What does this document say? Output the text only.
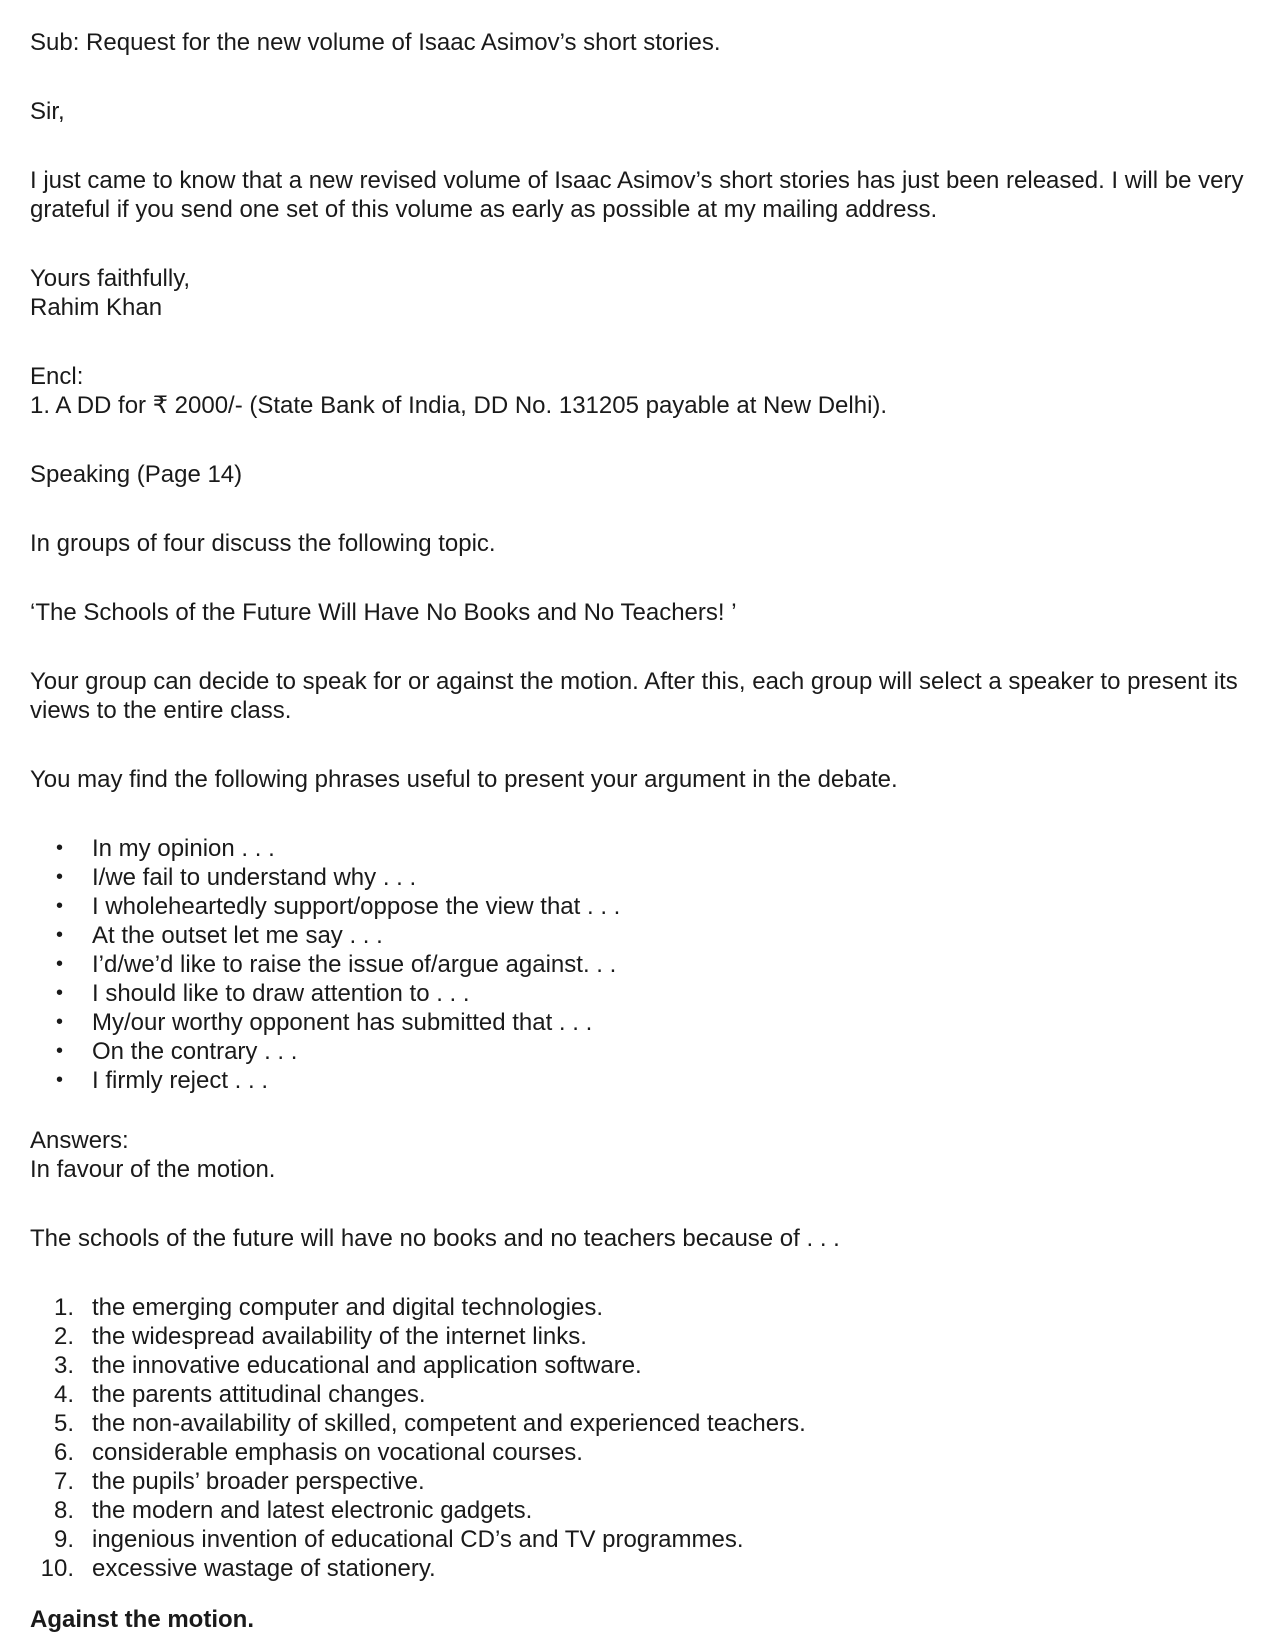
Sub: Request for the new volume of Isaac Asimov’s short stories.

Sir,

I just came to know that a new revised volume of Isaac Asimov’s short stories has just been released. I will be very grateful if you send one set of this volume as early as possible at my mailing address.

Yours faithfully,

Rahim Khan

Encl:

1. A DD for ₹ 2000/- (State Bank of India, DD No. 131205 payable at New Delhi).

Speaking (Page 14)

In groups of four discuss the following topic.

‘The Schools of the Future Will Have No Books and No Teachers! ’

Your group can decide to speak for or against the motion. After this, each group will select a speaker to present its views to the entire class.

You may find the following phrases useful to present your argument in the debate.

• In my opinion . . .
• I/we fail to understand why . . .
• I wholeheartedly support/oppose the view that . . .
• At the outset let me say . . .
• I’d/we’d like to raise the issue of/argue against. . .
• I should like to draw attention to . . .
• My/our worthy opponent has submitted that . . .
• On the contrary . . .
• I firmly reject . . .

Answers:

In favour of the motion.

The schools of the future will have no books and no teachers because of . . .

1. the emerging computer and digital technologies.
2. the widespread availability of the internet links.
3. the innovative educational and application software.
4. the parents attitudinal changes.
5. the non-availability of skilled, competent and experienced teachers.
6. considerable emphasis on vocational courses.
7. the pupils’ broader perspective.
8. the modern and latest electronic gadgets.
9. ingenious invention of educational CD’s and TV programmes.
10. excessive wastage of stationery.

Against the motion.
